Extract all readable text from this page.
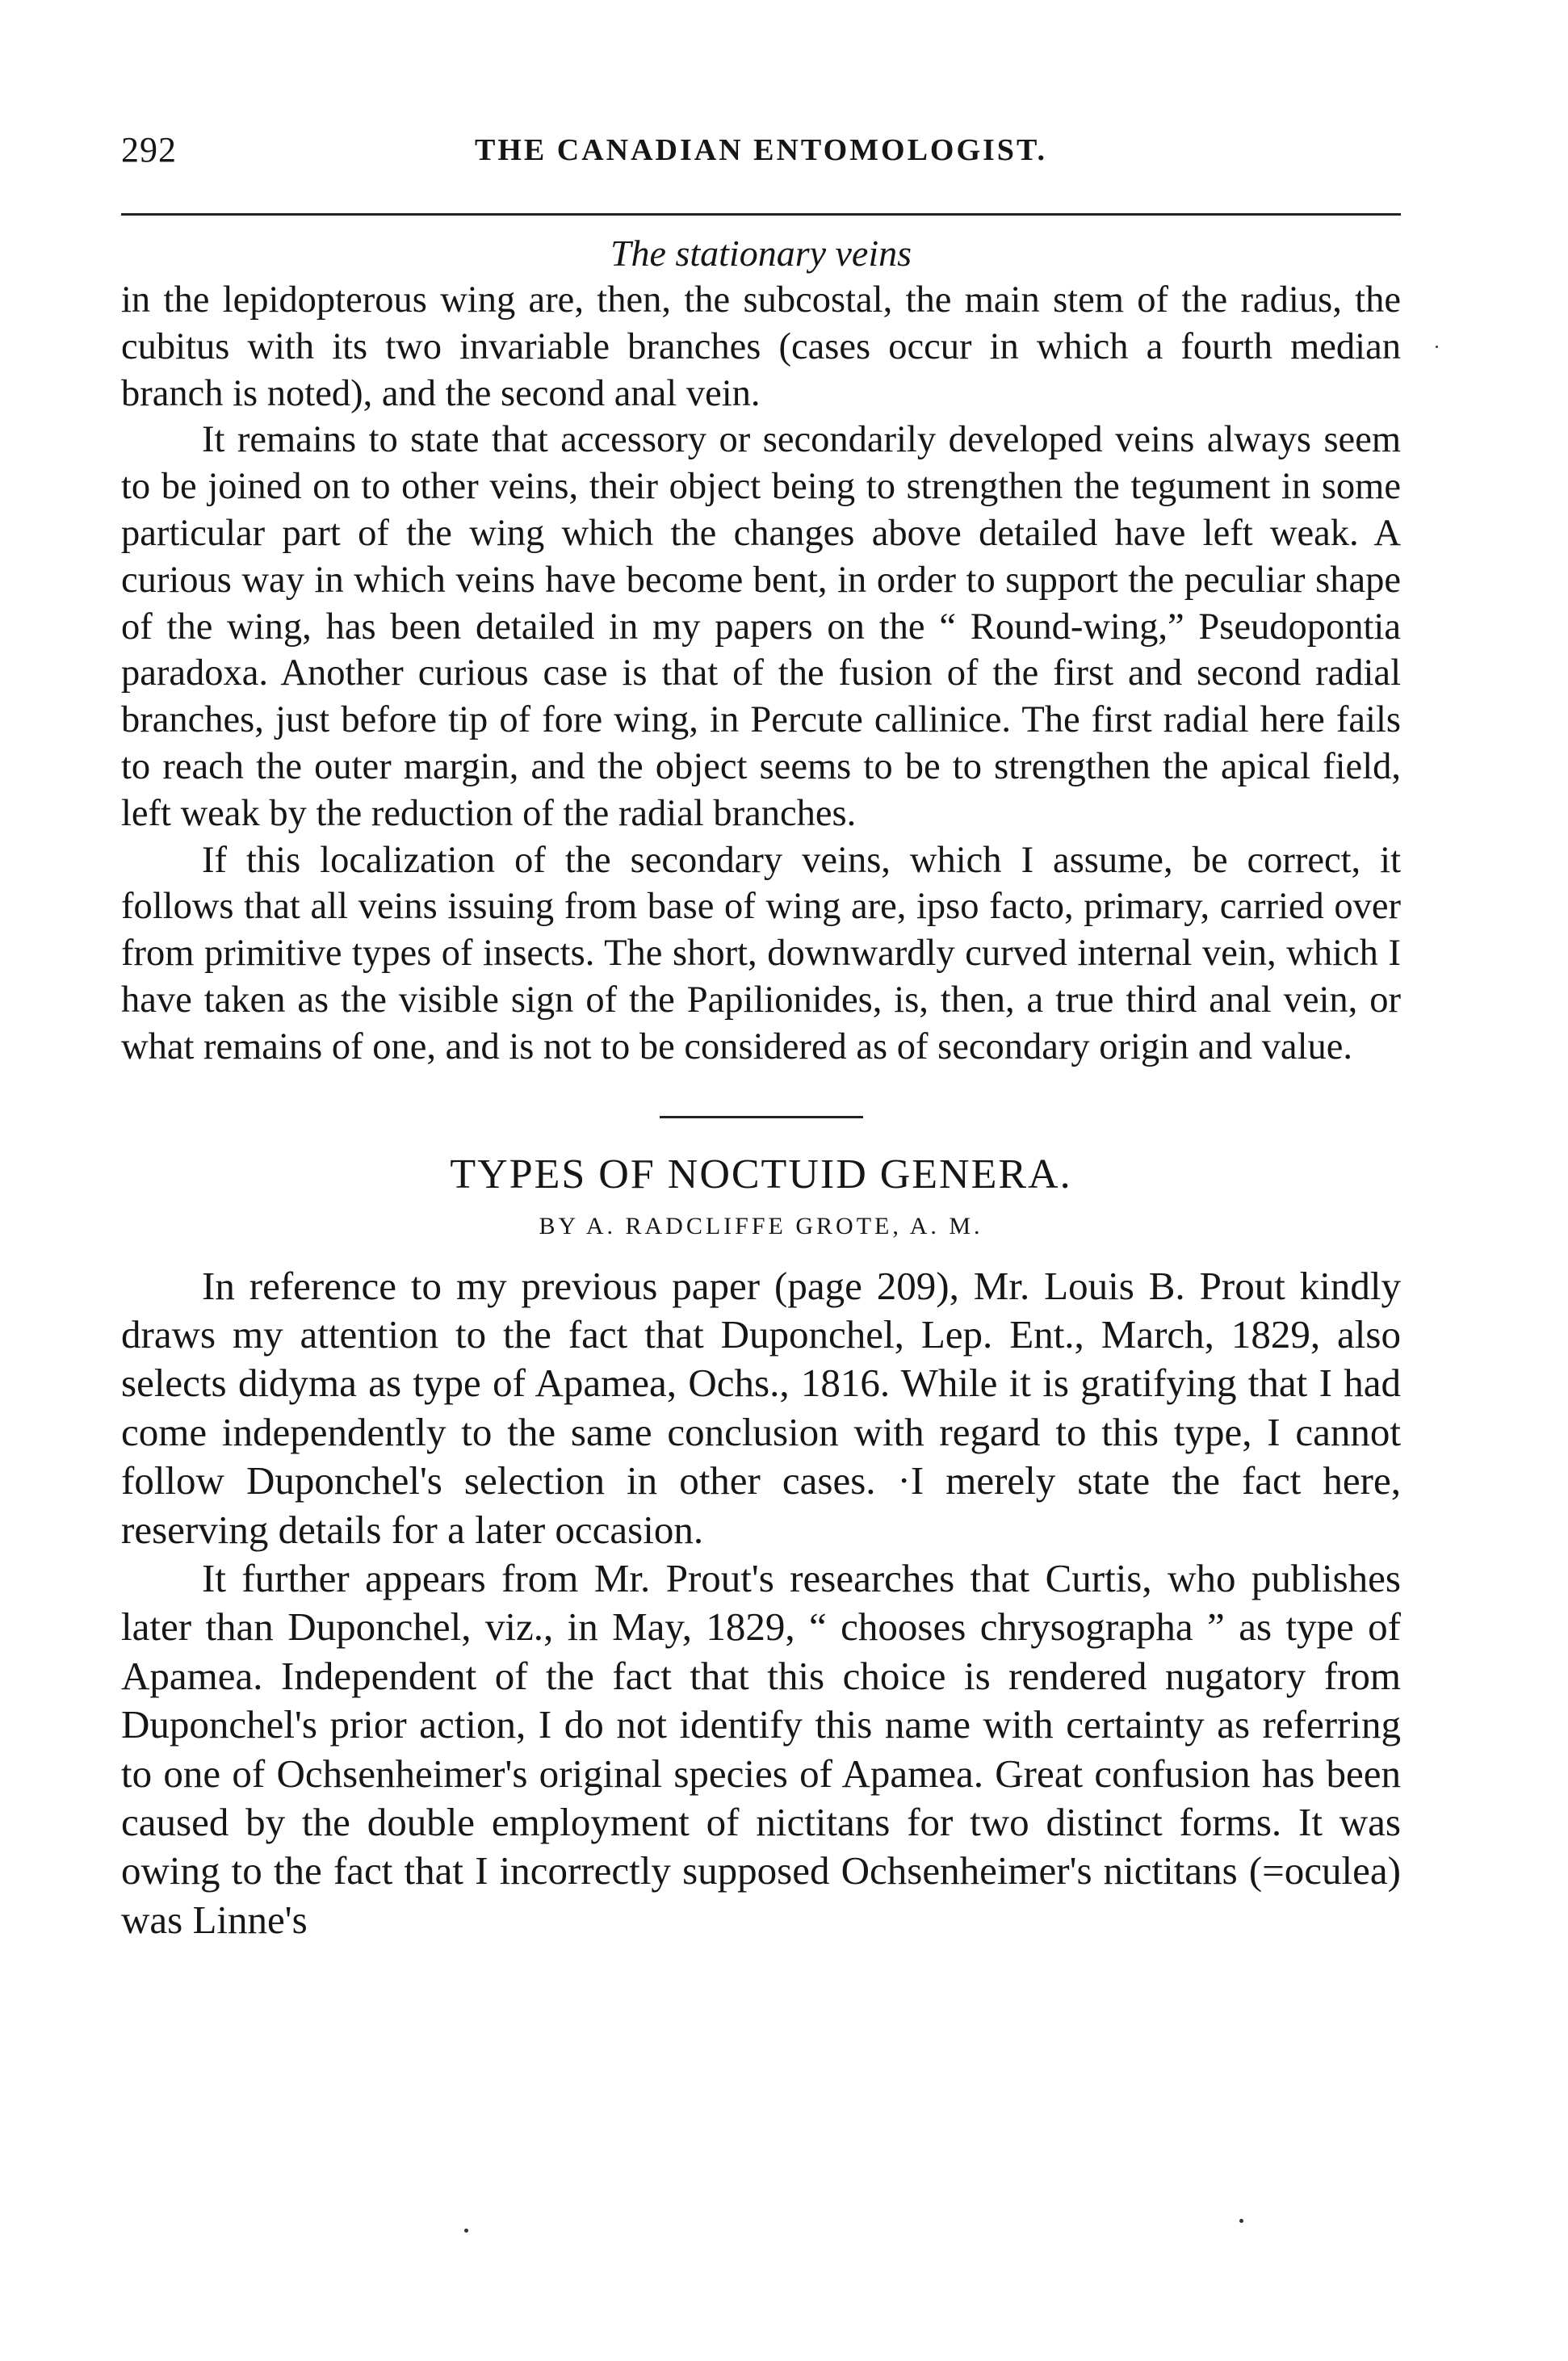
292	THE CANADIAN ENTOMOLOGIST.
The stationary veins

in the lepidopterous wing are, then, the subcostal, the main stem of the radius, the cubitus with its two invariable branches (cases occur in which a fourth median branch is noted), and the second anal vein.

It remains to state that accessory or secondarily developed veins always seem to be joined on to other veins, their object being to strengthen the tegument in some particular part of the wing which the changes above detailed have left weak. A curious way in which veins have become bent, in order to support the peculiar shape of the wing, has been detailed in my papers on the “ Round-wing,” Pseudopontia paradoxa. Another curious case is that of the fusion of the first and second radial branches, just before tip of fore wing, in Percute callinice. The first radial here fails to reach the outer margin, and the object seems to be to strengthen the apical field, left weak by the reduction of the radial branches.

If this localization of the secondary veins, which I assume, be correct, it follows that all veins issuing from base of wing are, ipso facto, primary, carried over from primitive types of insects. The short, downwardly curved internal vein, which I have taken as the visible sign of the Papilionides, is, then, a true third anal vein, or what remains of one, and is not to be considered as of secondary origin and value.

TYPES OF NOCTUID GENERA.
BY A. RADCLIFFE GROTE, A. M.

In reference to my previous paper (page 209), Mr. Louis B. Prout kindly draws my attention to the fact that Duponchel, Lep. Ent., March, 1829, also selects didyma as type of Apamea, Ochs., 1816. While it is gratifying that I had come independently to the same conclusion with regard to this type, I cannot follow Duponchel's selection in other cases. ·I merely state the fact here, reserving details for a later occasion.

It further appears from Mr. Prout's researches that Curtis, who publishes later than Duponchel, viz., in May, 1829, “ chooses chrysographa ” as type of Apamea. Independent of the fact that this choice is rendered nugatory from Duponchel's prior action, I do not identify this name with certainty as referring to one of Ochsenheimer's original species of Apamea. Great confusion has been caused by the double employment of nictitans for two distinct forms. It was owing to the fact that I incorrectly supposed Ochsenheimer's nictitans (=oculea) was Linne's
